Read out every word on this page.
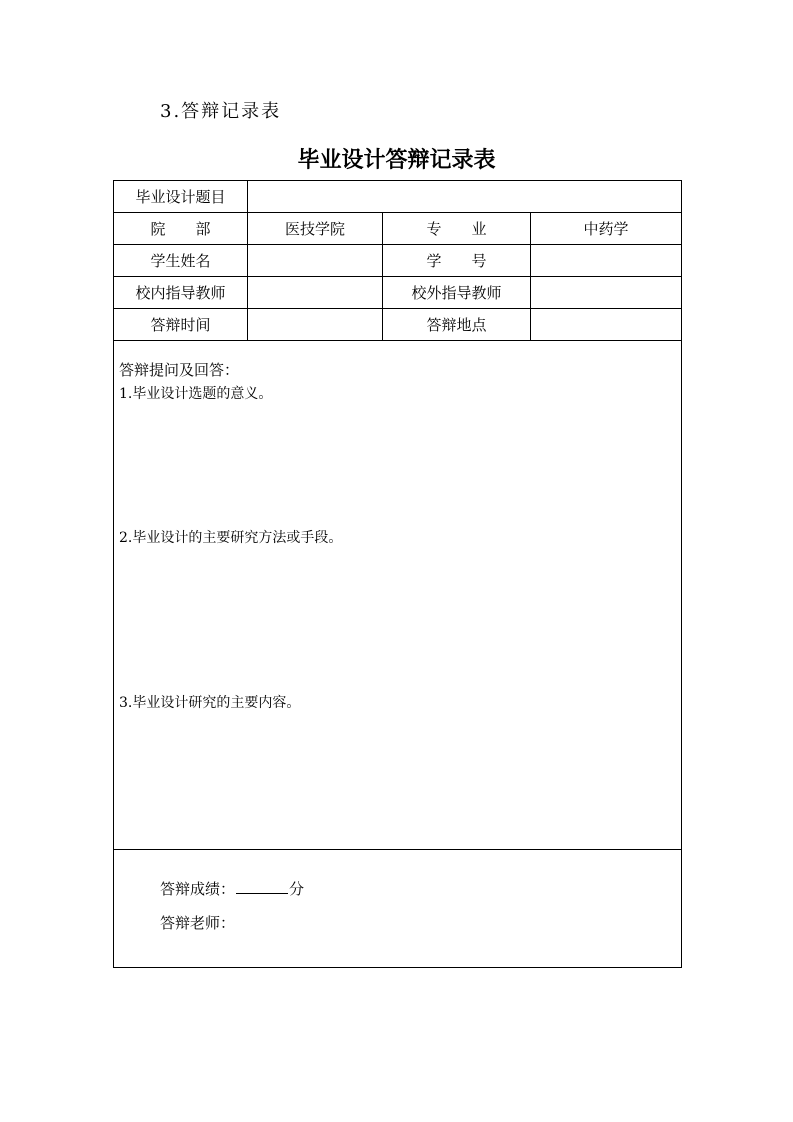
3.答辩记录表
毕业设计答辩记录表
毕业设计题目			
院　　部	医技学院	专　　业	中药学
学生姓名		学　　号	
校内指导教师		校外指导教师	
答辩时间		答辩地点	

答辩提问及回答：
1.毕业设计选题的意义。
2.毕业设计的主要研究方法或手段。
3.毕业设计研究的主要内容。			

答辩成绩： 分
答辩老师：			
